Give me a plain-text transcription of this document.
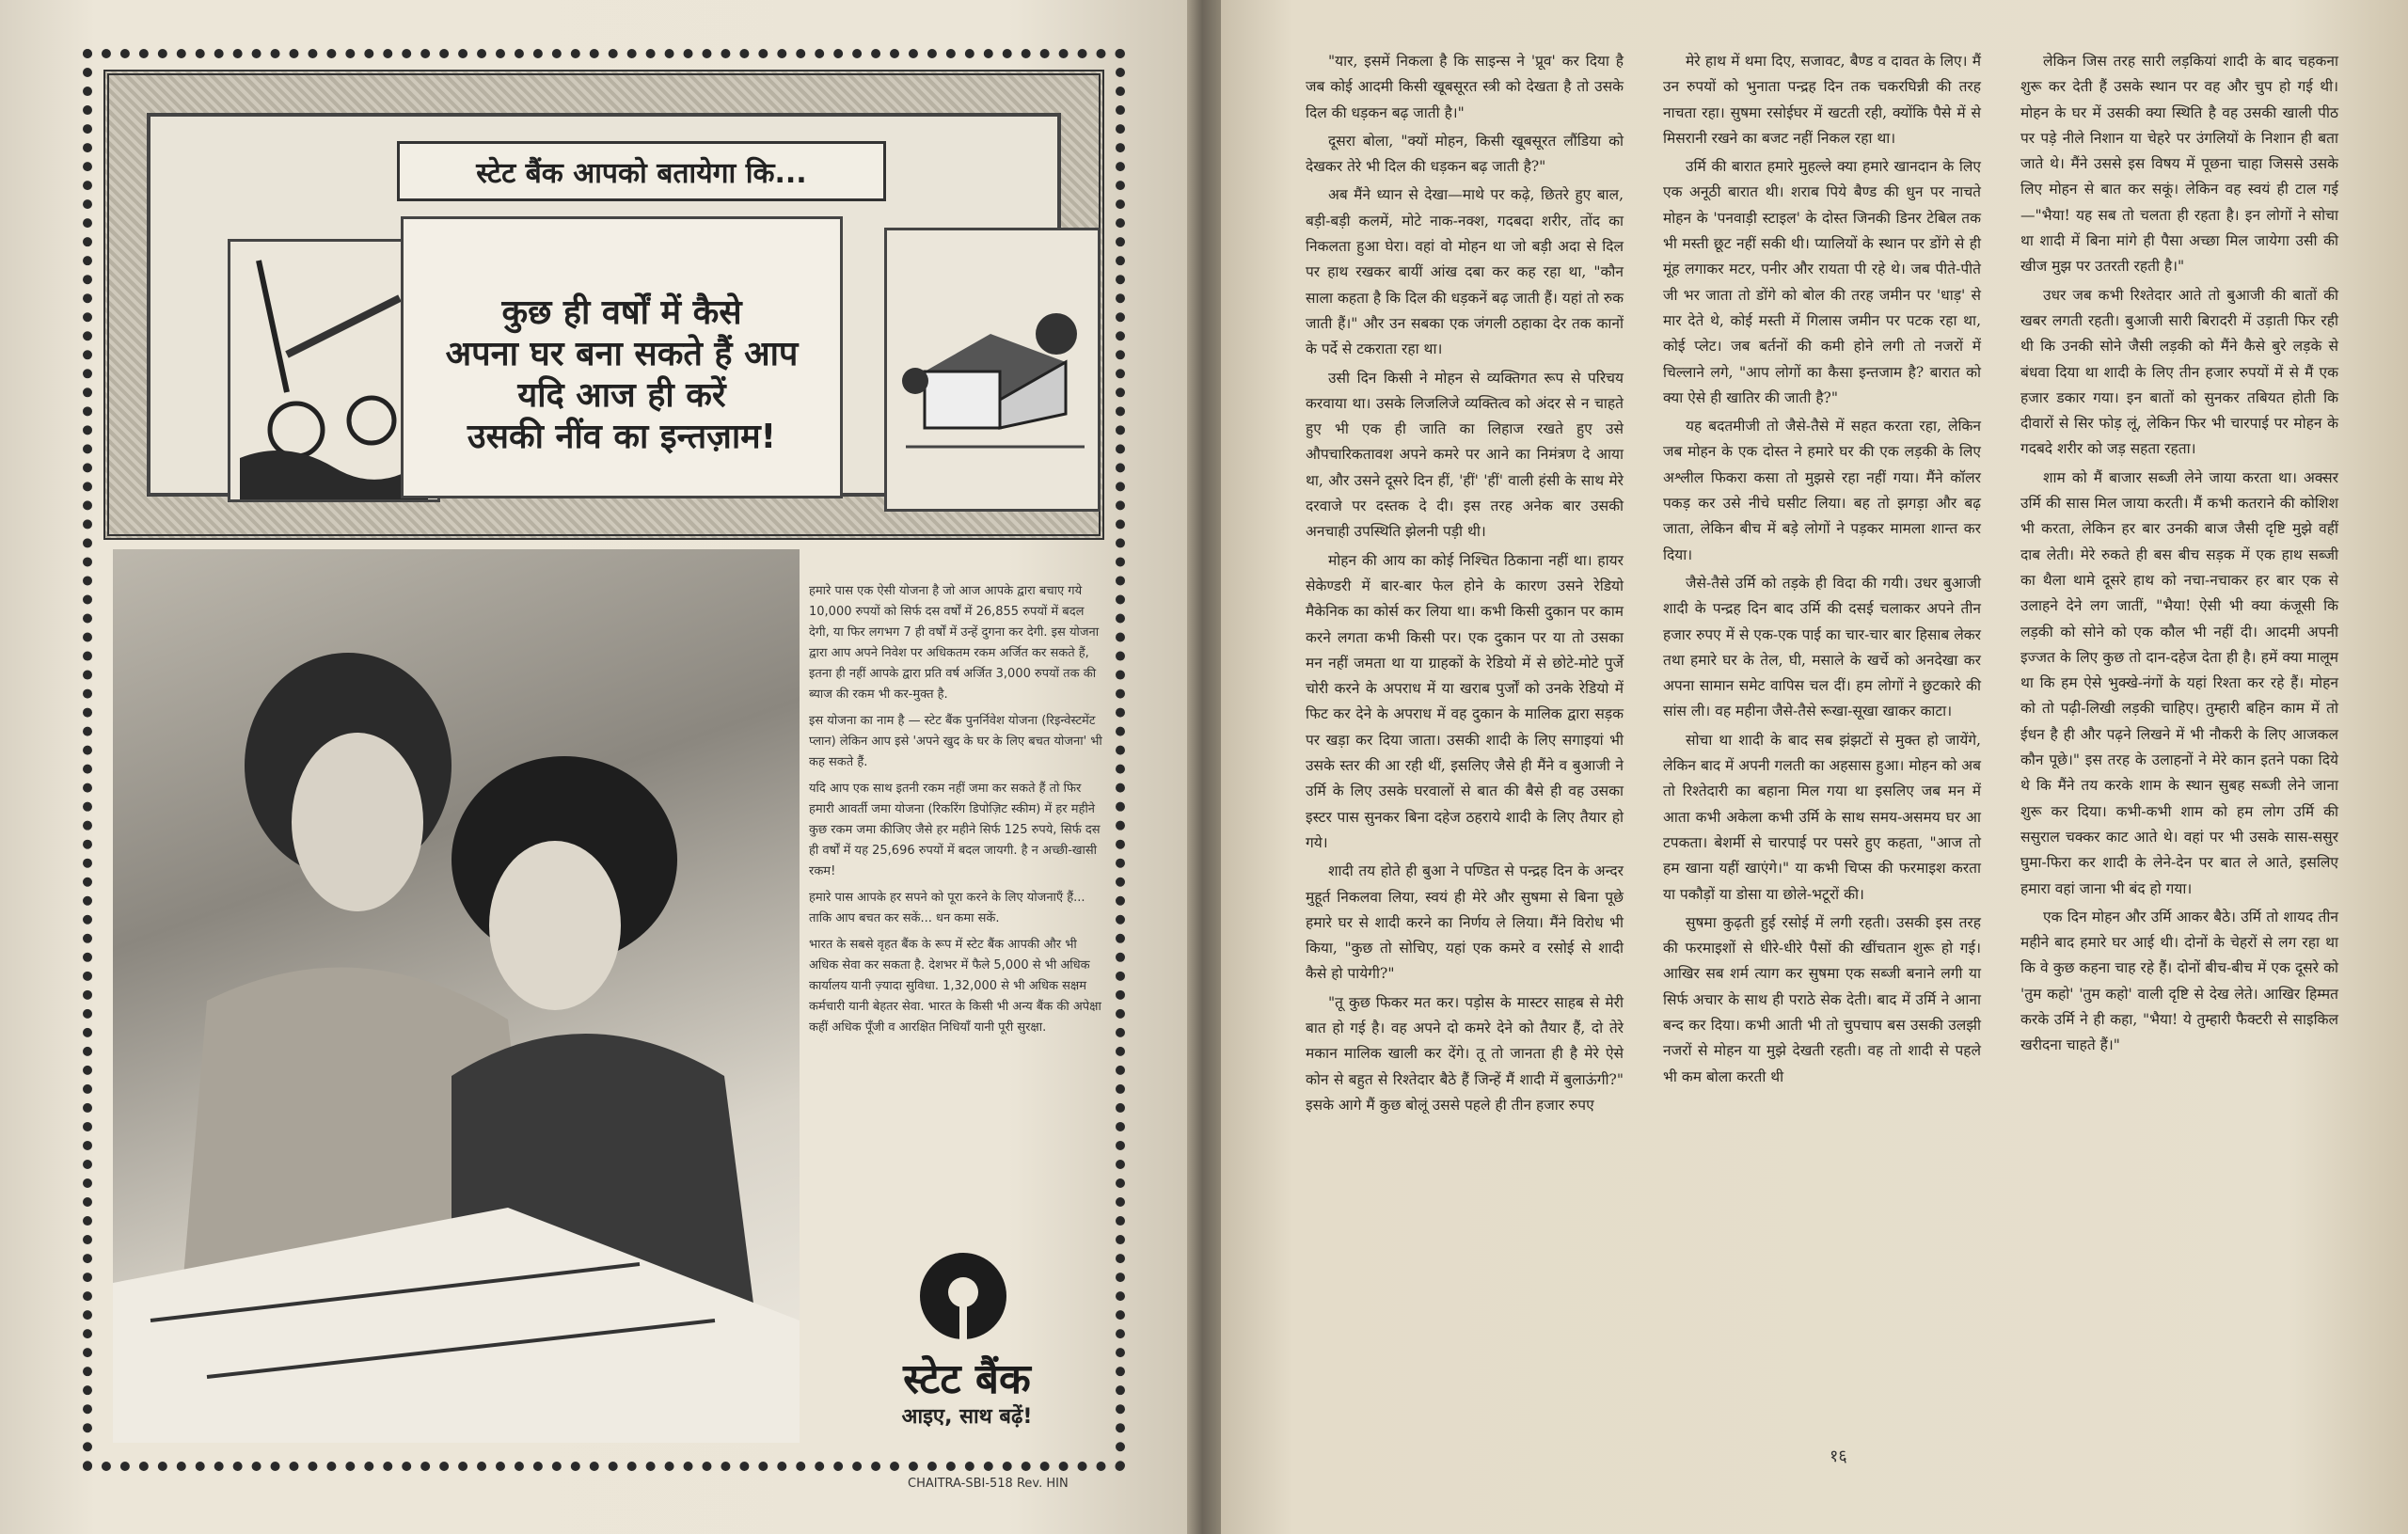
स्टेट बैंक आपको बतायेगा कि...
कुछ ही वर्षों में कैसे
अपना घर बना सकते हैं आप
यदि आज ही करें
उसकी नींव का इन्तज़ाम!

हमारे पास एक ऐसी योजना है जो आज आपके द्वारा बचाए गये 10,000 रुपयों को सिर्फ दस वर्षों में 26,855 रुपयों में बदल देगी, या फिर लगभग 7 ही वर्षों में उन्हें दुगना कर देगी. इस योजना द्वारा आप अपने निवेश पर अधिकतम रकम अर्जित कर सकते हैं, इतना ही नहीं आपके द्वारा प्रति वर्ष अर्जित 3,000 रुपयों तक की ब्याज की रकम भी कर-मुक्त है.

इस योजना का नाम है — स्टेट बैंक पुनर्निवेश योजना (रिइन्वेस्टमेंट प्लान) लेकिन आप इसे 'अपने खुद के घर के लिए बचत योजना' भी कह सकते हैं.

यदि आप एक साथ इतनी रकम नहीं जमा कर सकते हैं तो फिर हमारी आवर्ती जमा योजना (रिकरिंग डिपोज़िट स्कीम) में हर महीने कुछ रकम जमा कीजिए जैसे हर महीने सिर्फ 125 रुपये, सिर्फ दस ही वर्षों में यह 25,696 रुपयों में बदल जायगी. है न अच्छी-खासी रकम!

हमारे पास आपके हर सपने को पूरा करने के लिए योजनाएँ हैं... ताकि आप बचत कर सकें... धन कमा सकें.

भारत के सबसे वृहत बैंक के रूप में स्टेट बैंक आपकी और भी अधिक सेवा कर सकता है. देशभर में फैले 5,000 से भी अधिक कार्यालय यानी ज़्यादा सुविधा. 1,32,000 से भी अधिक सक्षम कर्मचारी यानी बेहतर सेवा. भारत के किसी भी अन्य बैंक की अपेक्षा कहीं अधिक पूँजी व आरक्षित निधियाँ यानी पूरी सुरक्षा.

स्टेट बैंक
आइए, साथ बढ़ें!
CHAITRA-SBI-518 Rev. HIN

"यार, इसमें निकला है कि साइन्स ने 'प्रूव' कर दिया है जब कोई आदमी किसी खूबसूरत स्त्री को देखता है तो उसके दिल की धड़कन बढ़ जाती है।"

दूसरा बोला, "क्यों मोहन, किसी खूबसूरत लौंडिया को देखकर तेरे भी दिल की धड़कन बढ़ जाती है?"

अब मैंने ध्यान से देखा—माथे पर कढ़े, छितरे हुए बाल, बड़ी-बड़ी कलमें, मोटे नाक-नक्श, गदबदा शरीर, तोंद का निकलता हुआ घेरा। वहां वो मोहन था जो बड़ी अदा से दिल पर हाथ रखकर बायीं आंख दबा कर कह रहा था, "कौन साला कहता है कि दिल की धड़कनें बढ़ जाती हैं। यहां तो रुक जाती हैं।" और उन सबका एक जंगली ठहाका देर तक कानों के पर्दे से टकराता रहा था।

उसी दिन किसी ने मोहन से व्यक्तिगत रूप से परिचय करवाया था। उसके लिजलिजे व्यक्तित्व को अंदर से न चाहते हुए भी एक ही जाति का लिहाज रखते हुए उसे औपचारिकतावश अपने कमरे पर आने का निमंत्रण दे आया था, और उसने दूसरे दिन हीं, 'हीं' 'हीं' वाली हंसी के साथ मेरे दरवाजे पर दस्तक दे दी। इस तरह अनेक बार उसकी अनचाही उपस्थिति झेलनी पड़ी थी।

मोहन की आय का कोई निश्चित ठिकाना नहीं था। हायर सेकेण्डरी में बार-बार फेल होने के कारण उसने रेडियो मैकेनिक का कोर्स कर लिया था। कभी किसी दुकान पर काम करने लगता कभी किसी पर। एक दुकान पर या तो उसका मन नहीं जमता था या ग्राहकों के रेडियो में से छोटे-मोटे पुर्जे चोरी करने के अपराध में या खराब पुर्जों को उनके रेडियो में फिट कर देने के अपराध में वह दुकान के मालिक द्वारा सड़क पर खड़ा कर दिया जाता। उसकी शादी के लिए सगाइयां भी उसके स्तर की आ रही थीं, इसलिए जैसे ही मैंने व बुआजी ने उर्मि के लिए उसके घरवालों से बात की बैसे ही वह उसका इस्टर पास सुनकर बिना दहेज ठहराये शादी के लिए तैयार हो गये।

शादी तय होते ही बुआ ने पण्डित से पन्द्रह दिन के अन्दर मुहूर्त निकलवा लिया, स्वयं ही मेरे और सुषमा से बिना पूछे हमारे घर से शादी करने का निर्णय ले लिया। मैंने विरोध भी किया, "कुछ तो सोचिए, यहां एक कमरे व रसोई से शादी कैसे हो पायेगी?"

"तू कुछ फिकर मत कर। पड़ोस के मास्टर साहब से मेरी बात हो गई है। वह अपने दो कमरे देने को तैयार हैं, दो तेरे मकान मालिक खाली कर देंगे। तू तो जानता ही है मेरे ऐसे कोन से बहुत से रिश्तेदार बैठे हैं जिन्हें मैं शादी में बुलाऊंगी?" इसके आगे मैं कुछ बोलूं उससे पहले ही तीन हजार रुपए

मेरे हाथ में थमा दिए, सजावट, बैण्ड व दावत के लिए। मैं उन रुपयों को भुनाता पन्द्रह दिन तक चकरघिन्नी की तरह नाचता रहा। सुषमा रसोईघर में खटती रही, क्योंकि पैसे में से मिसरानी रखने का बजट नहीं निकल रहा था।

उर्मि की बारात हमारे मुहल्ले क्या हमारे खानदान के लिए एक अनूठी बारात थी। शराब पिये बैण्ड की धुन पर नाचते मोहन के 'पनवाड़ी स्टाइल' के दोस्त जिनकी डिनर टेबिल तक भी मस्ती छूट नहीं सकी थी। प्यालियों के स्थान पर डोंगे से ही मूंह लगाकर मटर, पनीर और रायता पी रहे थे। जब पीते-पीते जी भर जाता तो डोंगे को बोल की तरह जमीन पर 'धाड़' से मार देते थे, कोई मस्ती में गिलास जमीन पर पटक रहा था, कोई प्लेट। जब बर्तनों की कमी होने लगी तो नजरों में चिल्लाने लगे, "आप लोगों का कैसा इन्तजाम है? बारात को क्या ऐसे ही खातिर की जाती है?"

यह बदतमीजी तो जैसे-तैसे में सहत करता रहा, लेकिन जब मोहन के एक दोस्त ने हमारे घर की एक लड़की के लिए अश्लील फिकरा कसा तो मुझसे रहा नहीं गया। मैंने कॉलर पकड़ कर उसे नीचे घसीट लिया। बह तो झगड़ा और बढ़ जाता, लेकिन बीच में बड़े लोगों ने पड़कर मामला शान्त कर दिया।

जैसे-तैसे उर्मि को तड़के ही विदा की गयी। उधर बुआजी शादी के पन्द्रह दिन बाद उर्मि की दसई चलाकर अपने तीन हजार रुपए में से एक-एक पाई का चार-चार बार हिसाब लेकर तथा हमारे घर के तेल, घी, मसाले के खर्चे को अनदेखा कर अपना सामान समेट वापिस चल दीं। हम लोगों ने छुटकारे की सांस ली। वह महीना जैसे-तैसे रूखा-सूखा खाकर काटा।

सोचा था शादी के बाद सब झंझटों से मुक्त हो जायेंगे, लेकिन बाद में अपनी गलती का अहसास हुआ। मोहन को अब तो रिश्तेदारी का बहाना मिल गया था इसलिए जब मन में आता कभी अकेला कभी उर्मि के साथ समय-असमय घर आ टपकता। बेशर्मी से चारपाई पर पसरे हुए कहता, "आज तो हम खाना यहीं खाएंगे।" या कभी चिप्स की फरमाइश करता या पकौड़ों या डोसा या छोले-भटूरों की।

सुषमा कुढ़ती हुई रसोई में लगी रहती। उसकी इस तरह की फरमाइशों से धीरे-धीरे पैसों की खींचतान शुरू हो गई। आखिर सब शर्म त्याग कर सुषमा एक सब्जी बनाने लगी या सिर्फ अचार के साथ ही पराठे सेक देती। बाद में उर्मि ने आना बन्द कर दिया। कभी आती भी तो चुपचाप बस उसकी उलझी नजरों से मोहन या मुझे देखती रहती। वह तो शादी से पहले भी कम बोला करती थी

लेकिन जिस तरह सारी लड़कियां शादी के बाद चहकना शुरू कर देती हैं उसके स्थान पर वह और चुप हो गई थी। मोहन के घर में उसकी क्या स्थिति है वह उसकी खाली पीठ पर पड़े नीले निशान या चेहरे पर उंगलियों के निशान ही बता जाते थे। मैंने उससे इस विषय में पूछना चाहा जिससे उसके लिए मोहन से बात कर सकूं। लेकिन वह स्वयं ही टाल गई—"भैया! यह सब तो चलता ही रहता है। इन लोगों ने सोचा था शादी में बिना मांगे ही पैसा अच्छा मिल जायेगा उसी की खीज मुझ पर उतरती रहती है।"

उधर जब कभी रिश्तेदार आते तो बुआजी की बातों की खबर लगती रहती। बुआजी सारी बिरादरी में उड़ाती फिर रही थी कि उनकी सोने जैसी लड़की को मैंने कैसे बुरे लड़के से बंधवा दिया था शादी के लिए तीन हजार रुपयों में से मैं एक हजार डकार गया। इन बातों को सुनकर तबियत होती कि दीवारों से सिर फोड़ लूं, लेकिन फिर भी चारपाई पर मोहन के गदबदे शरीर को जड़ सहता रहता।

शाम को मैं बाजार सब्जी लेने जाया करता था। अक्सर उर्मि की सास मिल जाया करती। मैं कभी कतराने की कोशिश भी करता, लेकिन हर बार उनकी बाज जैसी दृष्टि मुझे वहीं दाब लेती। मेरे रुकते ही बस बीच सड़क में एक हाथ सब्जी का थैला थामे दूसरे हाथ को नचा-नचाकर हर बार एक से उलाहने देने लग जातीं, "भैया! ऐसी भी क्या कंजूसी कि लड़की को सोने को एक कौल भी नहीं दी। आदमी अपनी इज्जत के लिए कुछ तो दान-दहेज देता ही है। हमें क्या मालूम था कि हम ऐसे भुक्खे-नंगों के यहां रिश्ता कर रहे हैं। मोहन को तो पढ़ी-लिखी लड़की चाहिए। तुम्हारी बहिन काम में तो ईधन है ही और पढ़ने लिखने में भी नौकरी के लिए आजकल कौन पूछे।" इस तरह के उलाहनों ने मेरे कान इतने पका दिये थे कि मैंने तय करके शाम के स्थान सुबह सब्जी लेने जाना शुरू कर दिया। कभी-कभी शाम को हम लोग उर्मि की ससुराल चक्कर काट आते थे। वहां पर भी उसके सास-ससुर घुमा-फिरा कर शादी के लेने-देन पर बात ले आते, इसलिए हमारा वहां जाना भी बंद हो गया।

एक दिन मोहन और उर्मि आकर बैठे। उर्मि तो शायद तीन महीने बाद हमारे घर आई थी। दोनों के चेहरों से लग रहा था कि वे कुछ कहना चाह रहे हैं। दोनों बीच-बीच में एक दूसरे को 'तुम कहो' 'तुम कहो' वाली दृष्टि से देख लेते। आखिर हिम्मत करके उर्मि ने ही कहा, "भैया! ये तुम्हारी फैक्टरी से साइकिल खरीदना चाहते हैं।"

१६
